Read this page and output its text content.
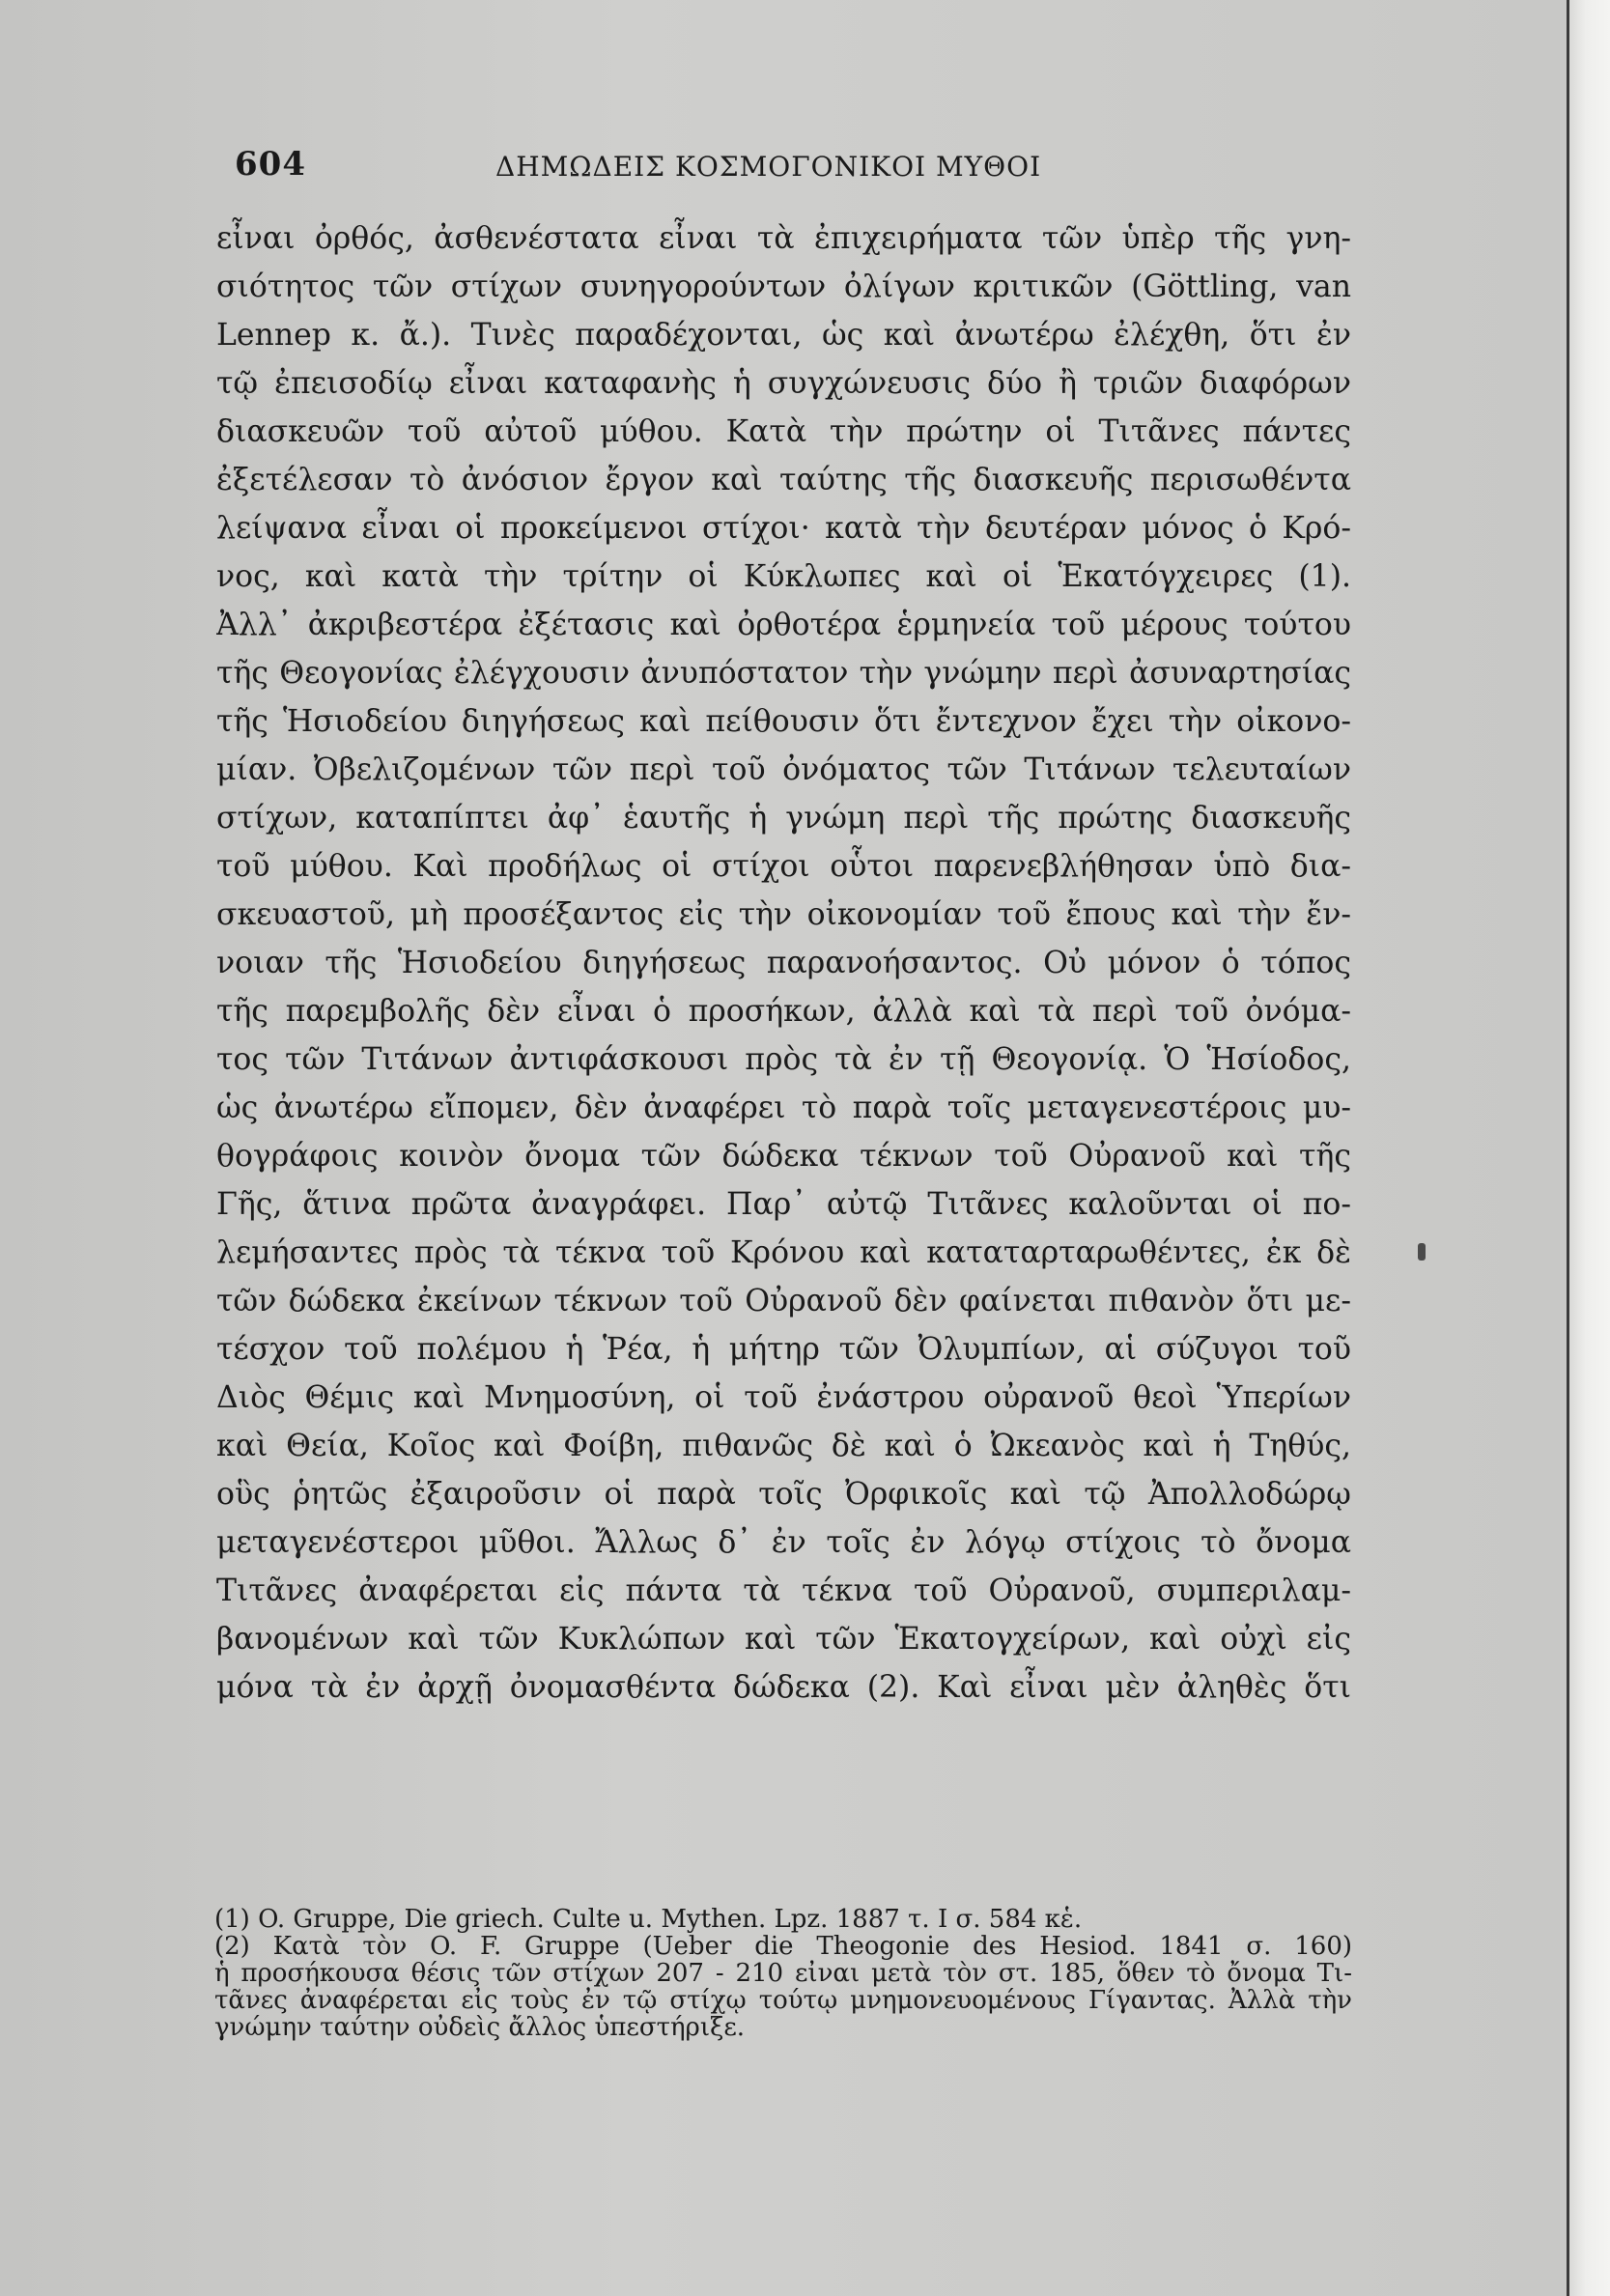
604	ΔΗΜΩΔΕΙΣ ΚΟΣΜΟΓΟΝΙΚΟΙ ΜΥΘΟΙ
εἶναι ὀρθός, ἀσθενέστατα εἶναι τὰ ἐπιχειρήματα τῶν ὑπὲρ τῆς γνη-
σιότητος τῶν στίχων συνηγορούντων ὀλίγων κριτικῶν (Göttling, van
Lennep κ. ἄ.). Τινὲς παραδέχονται, ὡς καὶ ἀνωτέρω ἐλέχθη, ὅτι ἐν
τῷ ἐπεισοδίῳ εἶναι καταφανὴς ἡ συγχώνευσις δύο ἢ τριῶν διαφόρων
διασκευῶν τοῦ αὐτοῦ μύθου. Κατὰ τὴν πρώτην οἱ Τιτᾶνες πάντες
ἐξετέλεσαν τὸ ἀνόσιον ἔργον καὶ ταύτης τῆς διασκευῆς περισωθέντα
λείψανα εἶναι οἱ προκείμενοι στίχοι· κατὰ τὴν δευτέραν μόνος ὁ Κρό-
νος, καὶ κατὰ τὴν τρίτην οἱ Κύκλωπες καὶ οἱ Ἑκατόγχειρες (1).
Ἀλλ᾽ ἀκριβεστέρα ἐξέτασις καὶ ὀρθοτέρα ἑρμηνεία τοῦ μέρους τούτου
τῆς Θεογονίας ἐλέγχουσιν ἀνυπόστατον τὴν γνώμην περὶ ἀσυναρτησίας
τῆς Ἡσιοδείου διηγήσεως καὶ πείθουσιν ὅτι ἔντεχνον ἔχει τὴν οἰκονο-
μίαν. Ὀβελιζομένων τῶν περὶ τοῦ ὀνόματος τῶν Τιτάνων τελευταίων
στίχων, καταπίπτει ἀφ᾽ ἑαυτῆς ἡ γνώμη περὶ τῆς πρώτης διασκευῆς
τοῦ μύθου. Καὶ προδήλως οἱ στίχοι οὗτοι παρενεβλήθησαν ὑπὸ δια-
σκευαστοῦ, μὴ προσέξαντος εἰς τὴν οἰκονομίαν τοῦ ἔπους καὶ τὴν ἔν-
νοιαν τῆς Ἡσιοδείου διηγήσεως παρανοήσαντος. Οὐ μόνον ὁ τόπος
τῆς παρεμβολῆς δὲν εἶναι ὁ προσήκων, ἀλλὰ καὶ τὰ περὶ τοῦ ὀνόμα-
τος τῶν Τιτάνων ἀντιφάσκουσι πρὸς τὰ ἐν τῇ Θεογονίᾳ. Ὁ Ἡσίοδος,
ὡς ἀνωτέρω εἴπομεν, δὲν ἀναφέρει τὸ παρὰ τοῖς μεταγενεστέροις μυ-
θογράφοις κοινὸν ὄνομα τῶν δώδεκα τέκνων τοῦ Οὐρανοῦ καὶ τῆς
Γῆς, ἅτινα πρῶτα ἀναγράφει. Παρ᾽ αὐτῷ Τιτᾶνες καλοῦνται οἱ πο-
λεμήσαντες πρὸς τὰ τέκνα τοῦ Κρόνου καὶ καταταρταρωθέντες, ἐκ δὲ
τῶν δώδεκα ἐκείνων τέκνων τοῦ Οὐρανοῦ δὲν φαίνεται πιθανὸν ὅτι με-
τέσχον τοῦ πολέμου ἡ Ῥέα, ἡ μήτηρ τῶν Ὀλυμπίων, αἱ σύζυγοι τοῦ
Διὸς Θέμις καὶ Μνημοσύνη, οἱ τοῦ ἐνάστρου οὐρανοῦ θεοὶ Ὑπερίων
καὶ Θεία, Κοῖος καὶ Φοίβη, πιθανῶς δὲ καὶ ὁ Ὠκεανὸς καὶ ἡ Τηθύς,
οὓς ῥητῶς ἐξαιροῦσιν οἱ παρὰ τοῖς Ὀρφικοῖς καὶ τῷ Ἀπολλοδώρῳ
μεταγενέστεροι μῦθοι. Ἄλλως δ᾽ ἐν τοῖς ἐν λόγῳ στίχοις τὸ ὄνομα
Τιτᾶνες ἀναφέρεται εἰς πάντα τὰ τέκνα τοῦ Οὐρανοῦ, συμπεριλαμ-
βανομένων καὶ τῶν Κυκλώπων καὶ τῶν Ἑκατογχείρων, καὶ οὐχὶ εἰς
μόνα τὰ ἐν ἀρχῇ ὀνομασθέντα δώδεκα (2). Καὶ εἶναι μὲν ἀληθὲς ὅτι
(1) O. Gruppe, Die griech. Culte u. Mythen. Lpz. 1887 τ. I σ. 584 κἑ.
(2) Κατὰ τὸν O. F. Gruppe (Ueber die Theogonie des Hesiod. 1841 σ. 160)
ἡ προσήκουσα θέσις τῶν στίχων 207 - 210 εἶναι μετὰ τὸν στ. 185, ὅθεν τὸ ὄνομα Τι-
τᾶνες ἀναφέρεται εἰς τοὺς ἐν τῷ στίχῳ τούτῳ μνημονευομένους Γίγαντας. Ἀλλὰ τὴν
γνώμην ταύτην οὐδεὶς ἄλλος ὑπεστήριξε.
